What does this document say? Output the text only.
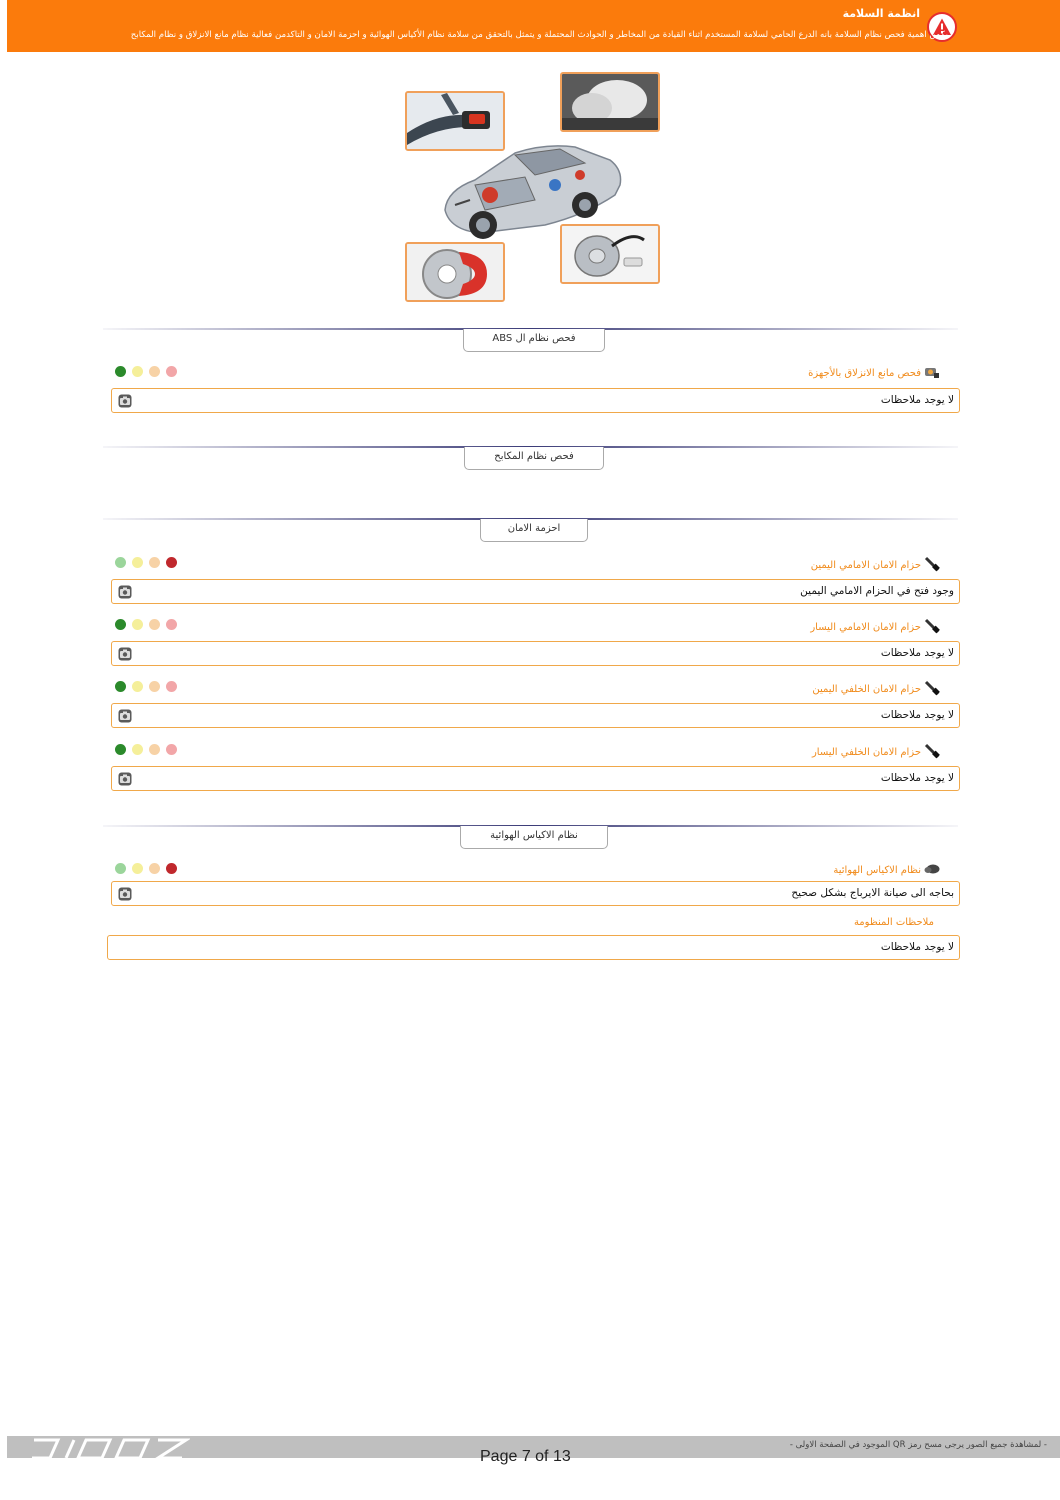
انظمة السلامة
يكمن اهمية فحص نظام السلامة بانه الدرع الحامي لسلامة المستخدم اثناء القيادة من المخاطر و الحوادث المحتملة و يتمثل بالتحقق من سلامة نظام الأكياس الهوائية و احزمة الامان و التاكدمن فعالية نظام مانع الانزلاق و نظام المكابح
فحص نظام ال ABS
فحص مانع الانزلاق بالأجهزة
لا يوجد ملاحظات
فحص نظام المكابح
احزمة الامان
حزام الامان الامامي اليمين
وجود فتح في الحزام الامامي اليمين
حزام الامان الامامي اليسار
لا يوجد ملاحظات
حزام الامان الخلفي اليمين
لا يوجد ملاحظات
حزام الامان الخلفي اليسار
لا يوجد ملاحظات
نظام الاكياس الهوائية
نظام الاكياس الهوائية
بحاجه الى صيانة الايرباج بشكل صحيح
ملاحظات المنظومة
لا يوجد ملاحظات
- لمشاهدة جميع الصور يرجى مسح رمز QR الموجود في الصفحة الاولى -
Page 7 of 13
